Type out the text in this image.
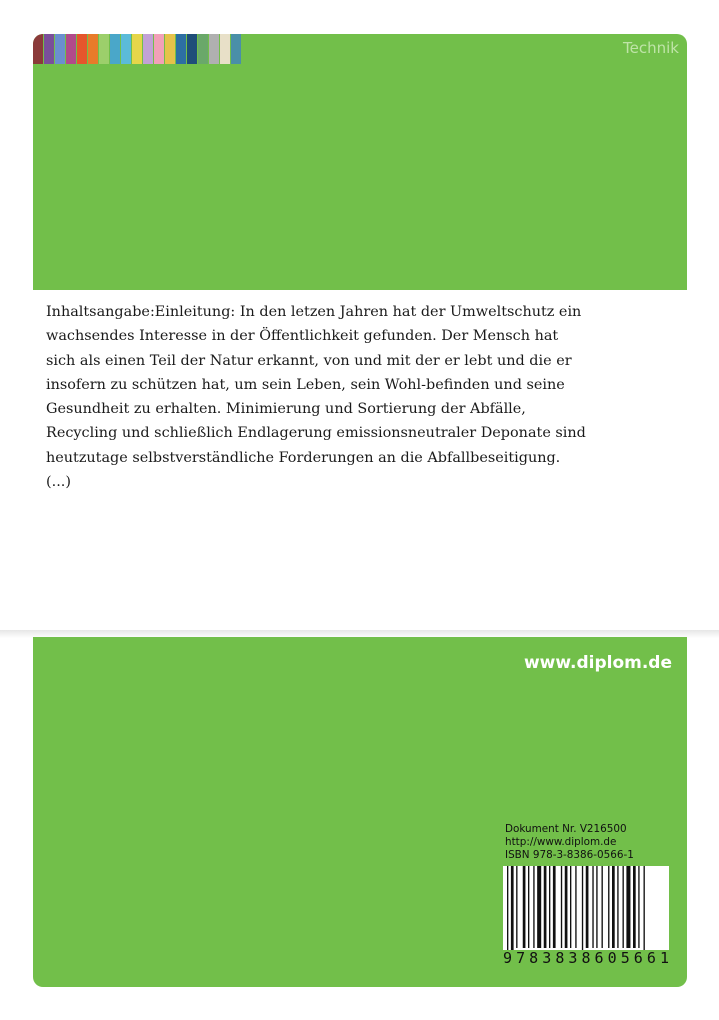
Technik

Inhaltsangabe:Einleitung: In den letzen Jahren hat der Umweltschutz ein wachsendes Interesse in der Öffentlichkeit gefunden. Der Mensch hat sich als einen Teil der Natur erkannt, von und mit der er lebt und die er insofern zu schützen hat, um sein Leben, sein Wohl-befinden und seine Gesundheit zu erhalten. Minimierung und Sortierung der Abfälle, Recycling und schließlich Endlagerung emissionsneutraler Deponate sind heutzutage selbstverständliche Forderungen an die Abfallbeseitigung. (...)

www.diplom.de
Dokument Nr. V216500
http://www.diplom.de
ISBN 978-3-8386-0566-1
9 7 8 3 8 3 8 6 0 5 6 6 1
